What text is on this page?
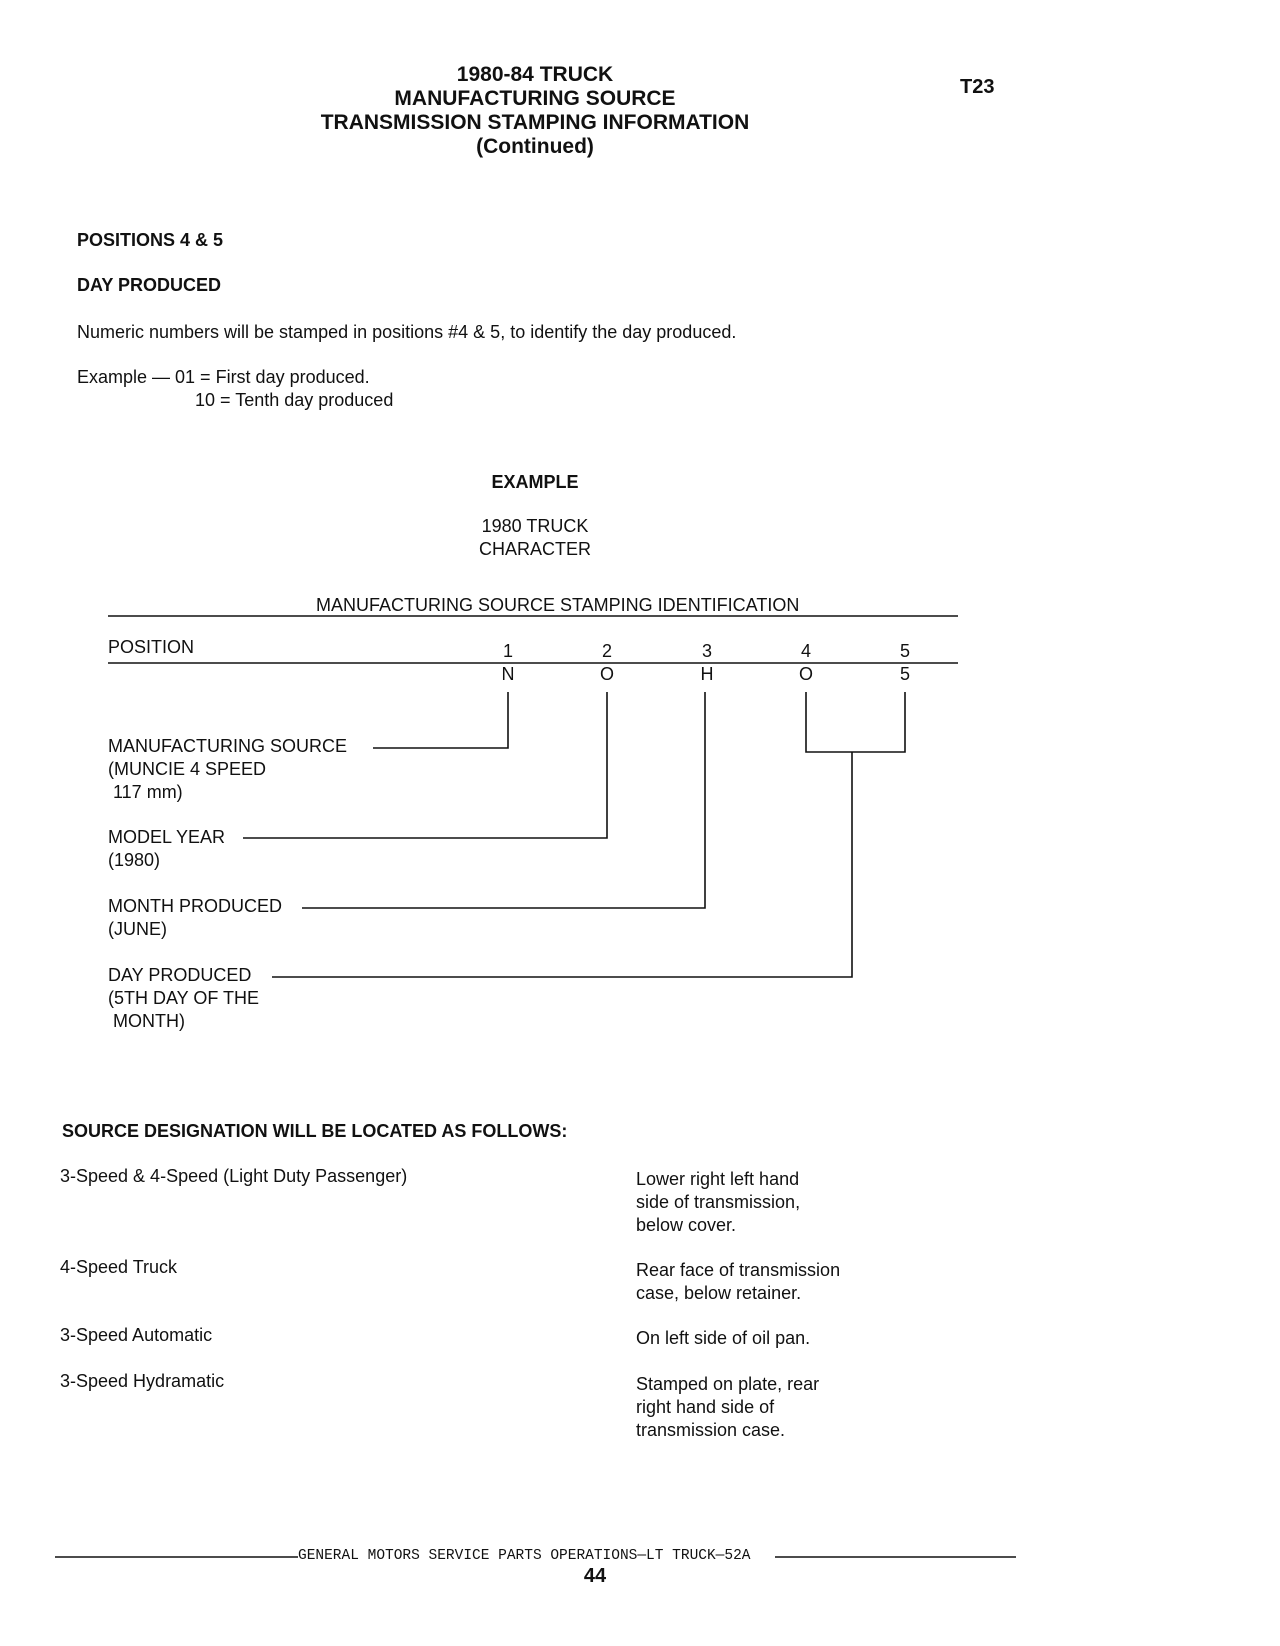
1980-84 TRUCK
MANUFACTURING SOURCE
TRANSMISSION STAMPING INFORMATION
(Continued)
T23
POSITIONS 4 & 5
DAY PRODUCED
Numeric numbers will be stamped in positions #4 & 5, to identify the day produced.
Example — 01 = First day produced.
10 = Tenth day produced
EXAMPLE
1980 TRUCK
CHARACTER
MANUFACTURING SOURCE STAMPING IDENTIFICATION
POSITION	1	2	3	4	5
N	O	H	O	5
MANUFACTURING SOURCE
(MUNCIE 4 SPEED
117 mm)
MODEL YEAR
(1980)
MONTH PRODUCED
(JUNE)
DAY PRODUCED
(5TH DAY OF THE
MONTH)
SOURCE DESIGNATION WILL BE LOCATED AS FOLLOWS:
3-Speed & 4-Speed (Light Duty Passenger)	Lower right left hand
side of transmission,
below cover.
4-Speed Truck	Rear face of transmission
case, below retainer.
3-Speed Automatic	On left side of oil pan.
3-Speed Hydramatic	Stamped on plate, rear
right hand side of
transmission case.
GENERAL MOTORS SERVICE PARTS OPERATIONS—LT TRUCK—52A
44
